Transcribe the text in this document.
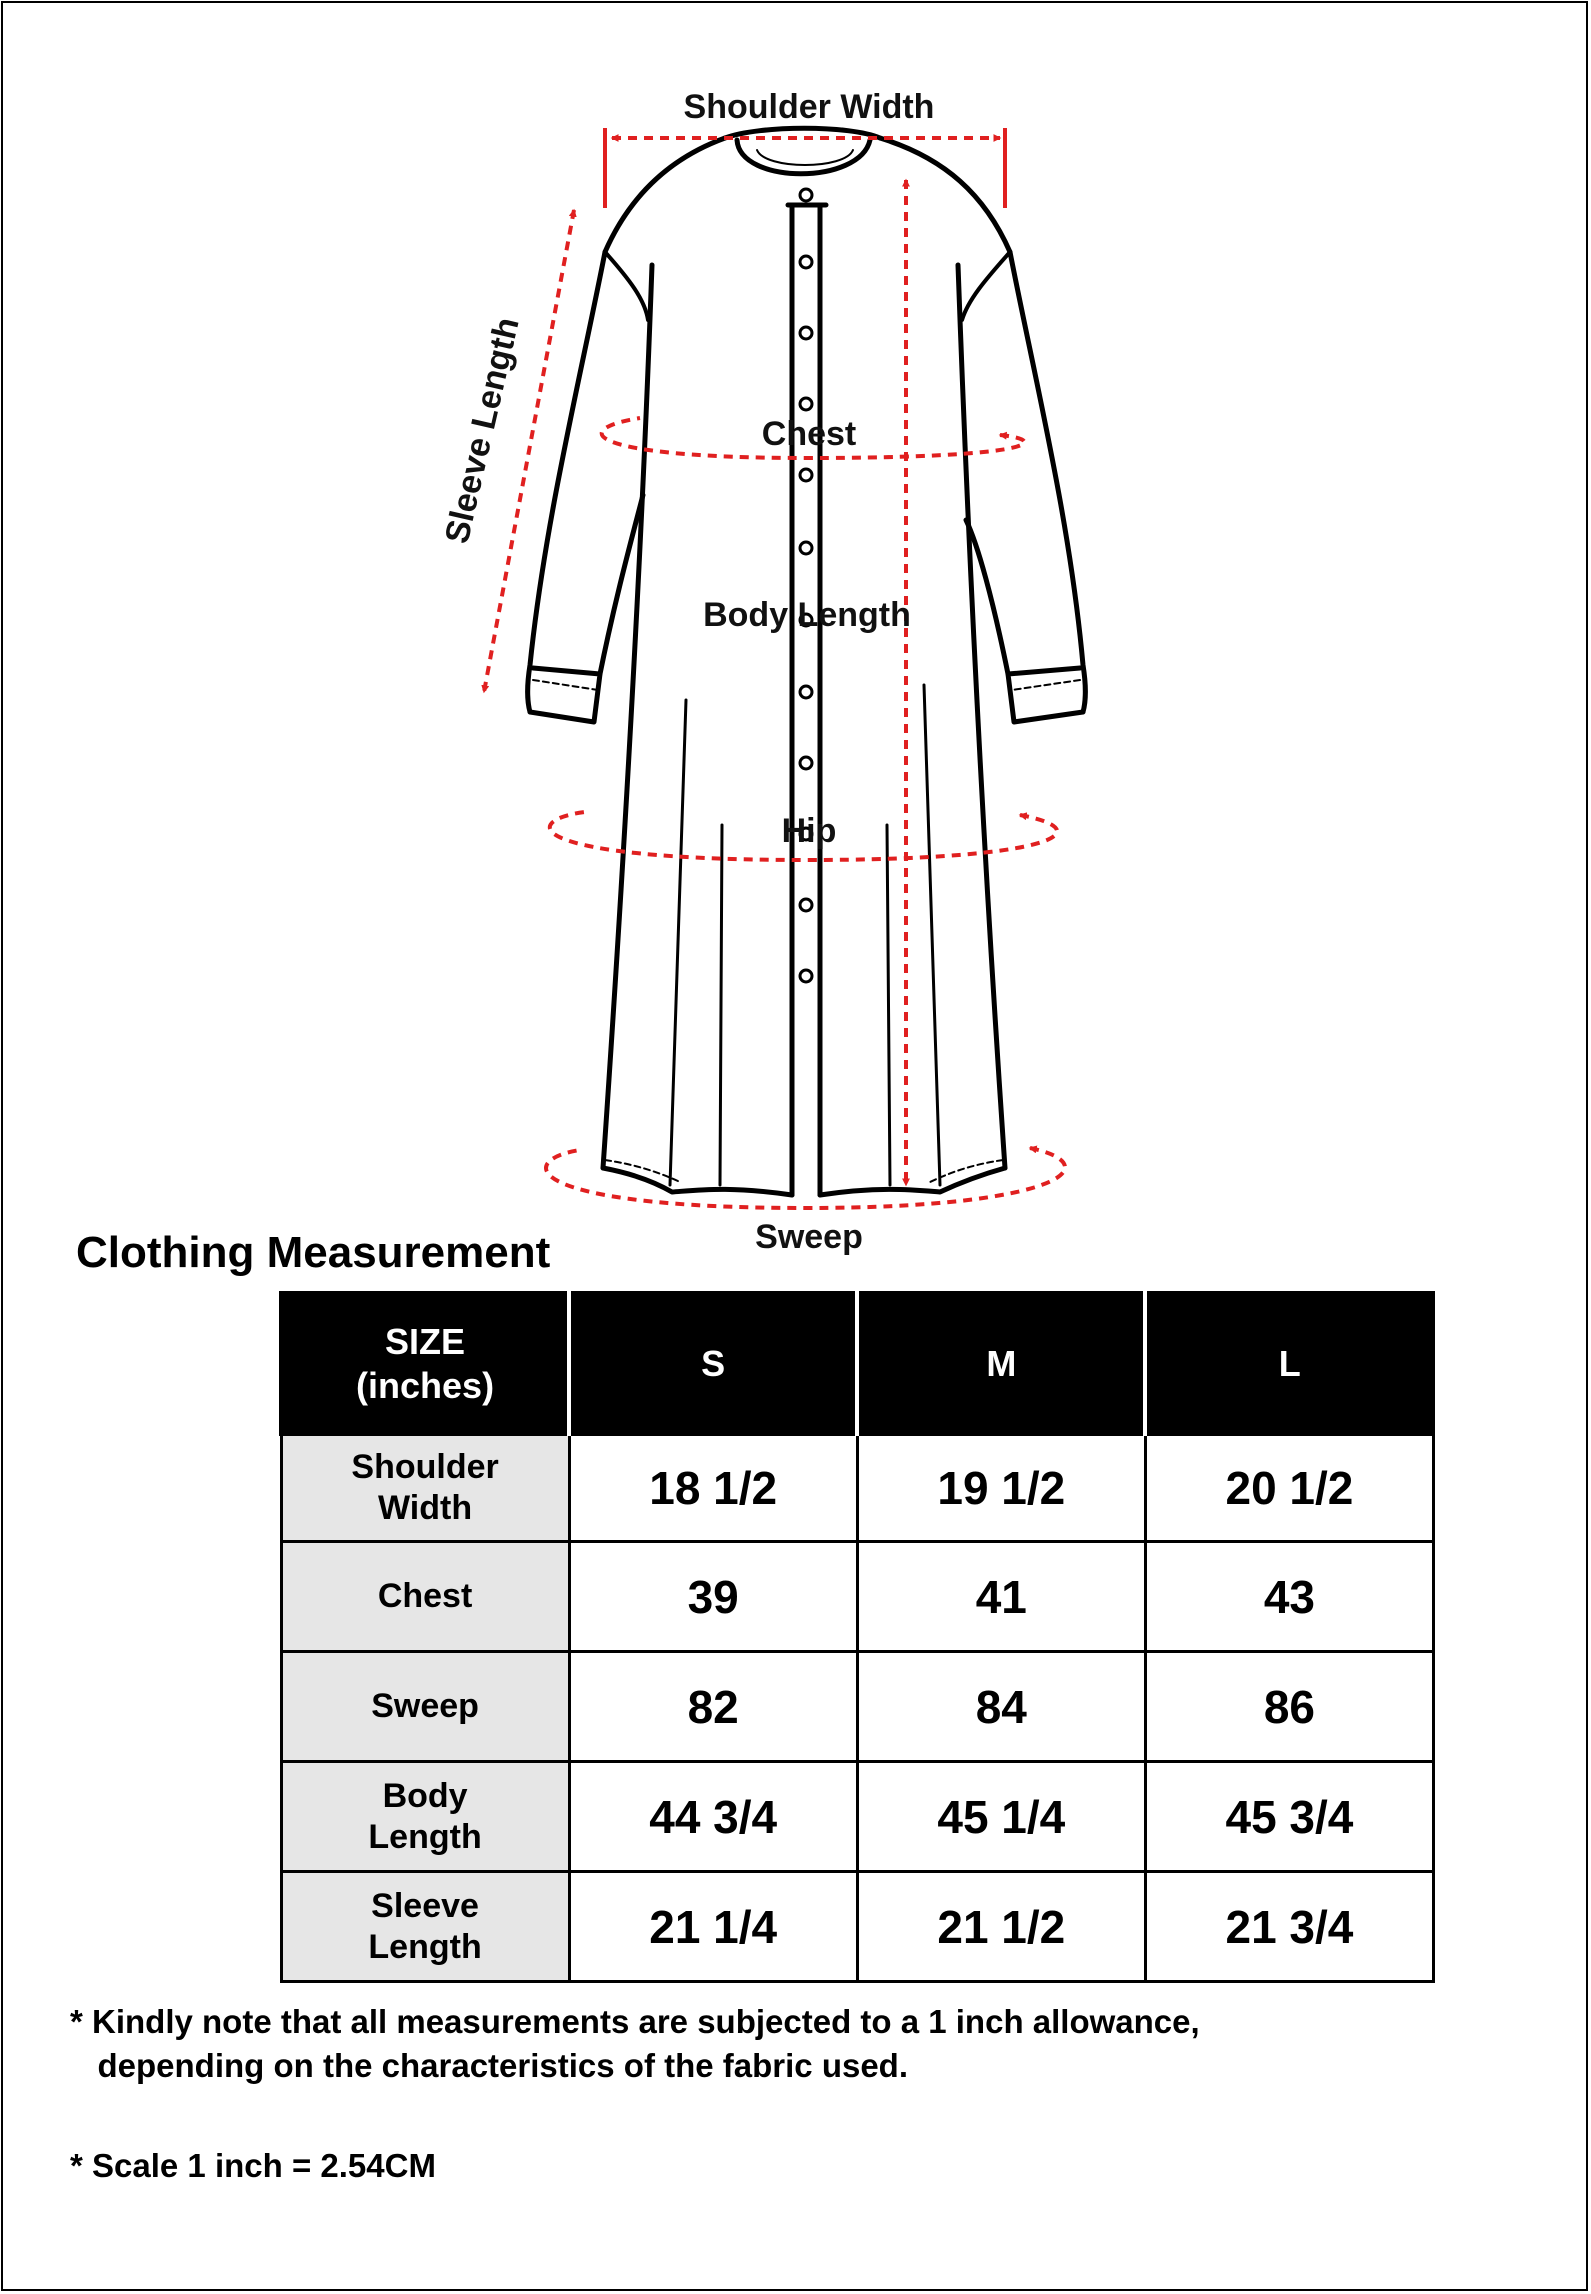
Shoulder Width
Sleeve Length	Chest
Body Length
Hip
Sweep
Clothing Measurement
SIZE
(inches)	S	M	L
Shoulder
Width	18 1/2	19 1/2	20 1/2
Chest	39	41	43
Sweep	82	84	86
Body
Length	44 3/4	45 1/4	45 3/4
Sleeve
Length	21 1/4	21 1/2	21 3/4

* Kindly note that all measurements are subjected to a 1 inch allowance,
depending on the characteristics of the fabric used.

* Scale 1 inch = 2.54CM
